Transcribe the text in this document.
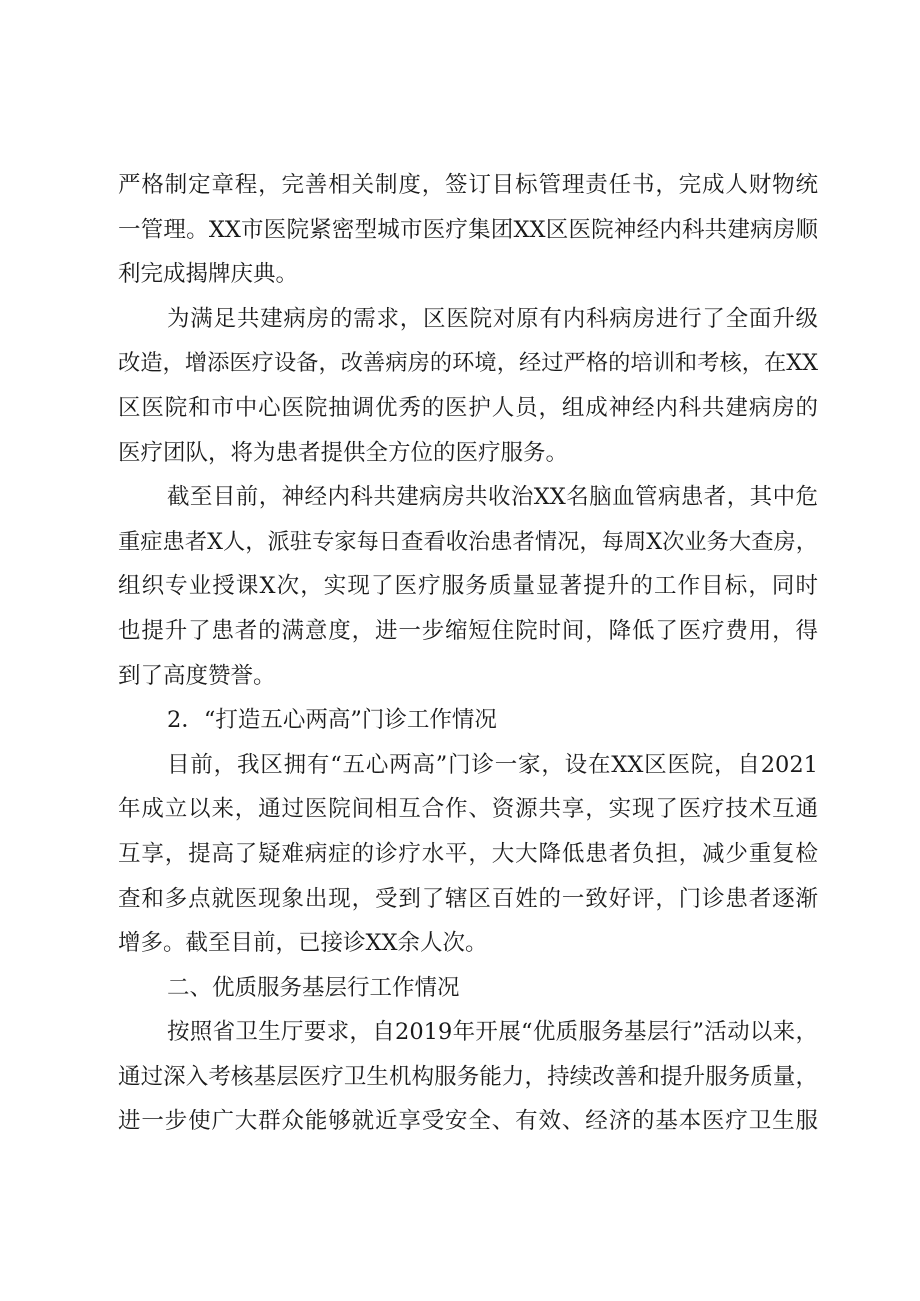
严格制定章程，完善相关制度，签订目标管理责任书，完成人财物统
一管理。XX市医院紧密型城市医疗集团XX区医院神经内科共建病房顺
利完成揭牌庆典。
为满足共建病房的需求，区医院对原有内科病房进行了全面升级
改造，增添医疗设备，改善病房的环境，经过严格的培训和考核，在XX
区医院和市中心医院抽调优秀的医护人员，组成神经内科共建病房的
医疗团队，将为患者提供全方位的医疗服务。
截至目前，神经内科共建病房共收治XX名脑血管病患者，其中危
重症患者X人，派驻专家每日查看收治患者情况，每周X次业务大查房，
组织专业授课X次，实现了医疗服务质量显著提升的工作目标，同时
也提升了患者的满意度，进一步缩短住院时间，降低了医疗费用，得
到了高度赞誉。
2．“打造五心两高”门诊工作情况
目前，我区拥有“五心两高”门诊一家，设在XX区医院，自2021
年成立以来，通过医院间相互合作、资源共享，实现了医疗技术互通
互享，提高了疑难病症的诊疗水平，大大降低患者负担，减少重复检
查和多点就医现象出现，受到了辖区百姓的一致好评，门诊患者逐渐
增多。截至目前，已接诊XX余人次。
二、优质服务基层行工作情况
按照省卫生厅要求，自2019年开展“优质服务基层行”活动以来，
通过深入考核基层医疗卫生机构服务能力，持续改善和提升服务质量，
进一步使广大群众能够就近享受安全、有效、经济的基本医疗卫生服
